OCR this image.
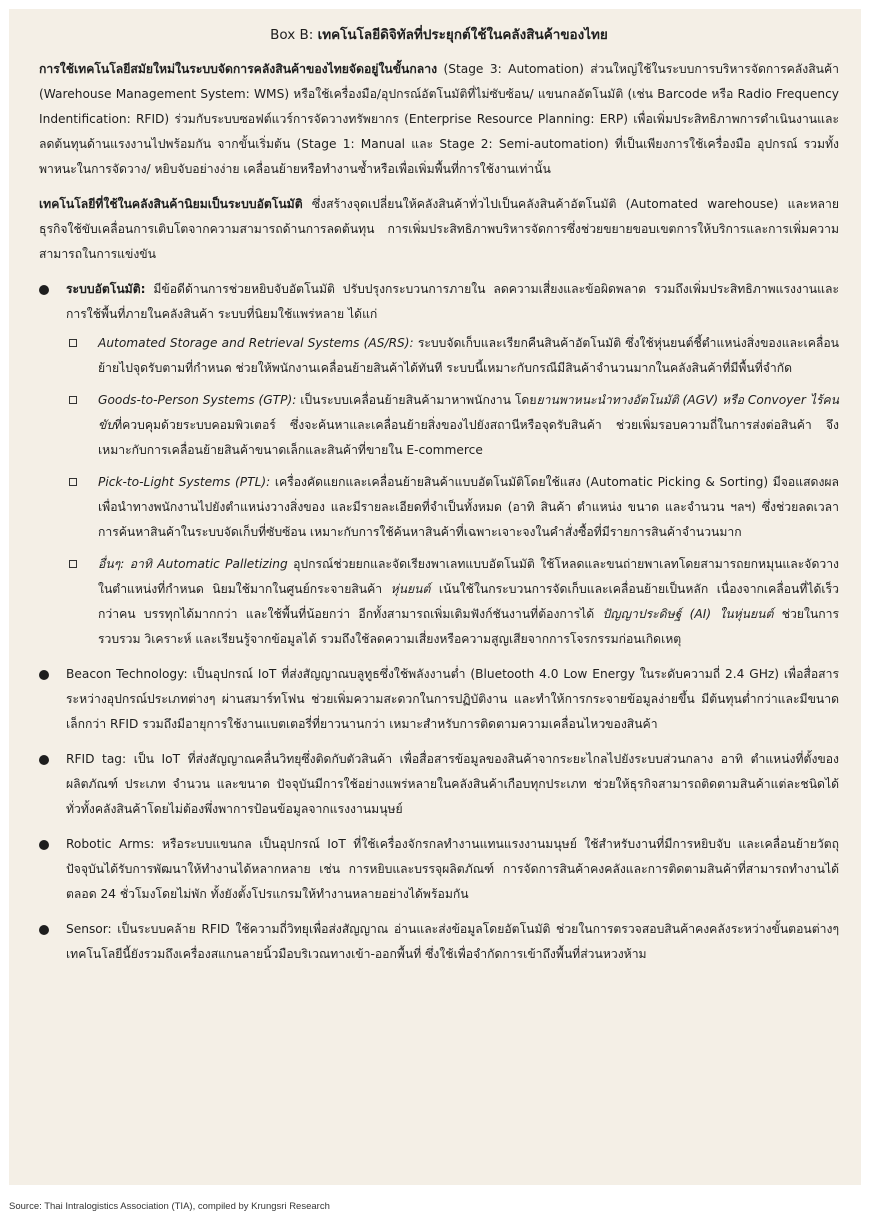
Box B: เทคโนโลยีดิจิทัลที่ประยุกต์ใช้ในคลังสินค้าของไทย

การใช้เทคโนโลยีสมัยใหม่ในระบบจัดการคลังสินค้าของไทยจัดอยู่ในขั้นกลาง (Stage 3: Automation) ส่วนใหญ่ใช้ในระบบการบริหารจัดการคลังสินค้า (Warehouse Management System: WMS) หรือใช้เครื่องมือ/อุปกรณ์อัตโนมัติที่ไม่ซับซ้อน/ แขนกลอัตโนมัติ (เช่น Barcode หรือ Radio Frequency Indentification: RFID) ร่วมกับระบบซอฟต์แวร์การจัดวางทรัพยากร (Enterprise Resource Planning: ERP) เพื่อเพิ่มประสิทธิภาพการดำเนินงานและลดต้นทุนด้านแรงงานไปพร้อมกัน จากขั้นเริ่มต้น (Stage 1: Manual และ Stage 2: Semi-automation) ที่เป็นเพียงการใช้เครื่องมือ อุปกรณ์ รวมทั้งพาหนะในการจัดวาง/ หยิบจับอย่างง่าย เคลื่อนย้ายหรือทำงานซ้ำหรือเพื่อเพิ่มพื้นที่การใช้งานเท่านั้น

เทคโนโลยีที่ใช้ในคลังสินค้านิยมเป็นระบบอัตโนมัติ ซึ่งสร้างจุดเปลี่ยนให้คลังสินค้าทั่วไปเป็นคลังสินค้าอัตโนมัติ (Automated warehouse) และหลายธุรกิจใช้ขับเคลื่อนการเติบโตจากความสามารถด้านการลดต้นทุน การเพิ่มประสิทธิภาพบริหารจัดการซึ่งช่วยขยายขอบเขตการให้บริการและการเพิ่มความสามารถในการแข่งขัน

ระบบอัตโนมัติ: มีข้อดีด้านการช่วยหยิบจับอัตโนมัติ ปรับปรุงกระบวนการภายใน ลดความเสี่ยงและข้อผิดพลาด รวมถึงเพิ่มประสิทธิภาพแรงงานและการใช้พื้นที่ภายในคลังสินค้า ระบบที่นิยมใช้แพร่หลาย ได้แก่
Automated Storage and Retrieval Systems (AS/RS): ระบบจัดเก็บและเรียกคืนสินค้าอัตโนมัติ ซึ่งใช้หุ่นยนต์ชี้ตำแหน่งสิ่งของและเคลื่อนย้ายไปจุดรับตามที่กำหนด ช่วยให้พนักงานเคลื่อนย้ายสินค้าได้ทันที ระบบนี้เหมาะกับกรณีมีสินค้าจำนวนมากในคลังสินค้าที่มีพื้นที่จำกัด
Goods-to-Person Systems (GTP): เป็นระบบเคลื่อนย้ายสินค้ามาหาพนักงาน โดยยานพาหนะนำทางอัตโนมัติ (AGV) หรือ Convoyer ไร้คนขับที่ควบคุมด้วยระบบคอมพิวเตอร์ ซึ่งจะค้นหาและเคลื่อนย้ายสิ่งของไปยังสถานีหรือจุดรับสินค้า ช่วยเพิ่มรอบความถี่ในการส่งต่อสินค้า จึงเหมาะกับการเคลื่อนย้ายสินค้าขนาดเล็กและสินค้าที่ขายใน E-commerce
Pick-to-Light Systems (PTL): เครื่องคัดแยกและเคลื่อนย้ายสินค้าแบบอัตโนมัติโดยใช้แสง (Automatic Picking & Sorting) มีจอแสดงผลเพื่อนำทางพนักงานไปยังตำแหน่งวางสิ่งของ และมีรายละเอียดที่จำเป็นทั้งหมด (อาทิ สินค้า ตำแหน่ง ขนาด และจำนวน ฯลฯ) ซึ่งช่วยลดเวลาการค้นหาสินค้าในระบบจัดเก็บที่ซับซ้อน เหมาะกับการใช้ค้นหาสินค้าที่เฉพาะเจาะจงในคำสั่งซื้อที่มีรายการสินค้าจำนวนมาก
อื่นๆ: อาทิ Automatic Palletizing อุปกรณ์ช่วยยกและจัดเรียงพาเลทแบบอัตโนมัติ ใช้โหลดและขนถ่ายพาเลทโดยสามารถยกหมุนและจัดวางในตำแหน่งที่กำหนด นิยมใช้มากในศูนย์กระจายสินค้า หุ่นยนต์ เน้นใช้ในกระบวนการจัดเก็บและเคลื่อนย้ายเป็นหลัก เนื่องจากเคลื่อนที่ได้เร็วกว่าคน บรรทุกได้มากกว่า และใช้พื้นที่น้อยกว่า อีกทั้งสามารถเพิ่มเติมฟังก์ชันงานที่ต้องการได้ ปัญญาประดิษฐ์ (AI) ในหุ่นยนต์ ช่วยในการรวบรวม วิเคราะห์ และเรียนรู้จากข้อมูลได้ รวมถึงใช้ลดความเสี่ยงหรือความสูญเสียจากการโจรกรรมก่อนเกิดเหตุ
Beacon Technology: เป็นอุปกรณ์ IoT ที่ส่งสัญญาณบลูทูธซึ่งใช้พลังงานต่ำ (Bluetooth 4.0 Low Energy ในระดับความถี่ 2.4 GHz) เพื่อสื่อสารระหว่างอุปกรณ์ประเภทต่างๆ ผ่านสมาร์ทโฟน ช่วยเพิ่มความสะดวกในการปฏิบัติงาน และทำให้การกระจายข้อมูลง่ายขึ้น มีต้นทุนต่ำกว่าและมีขนาดเล็กกว่า RFID รวมถึงมีอายุการใช้งานแบตเตอรี่ที่ยาวนานกว่า เหมาะสำหรับการติดตามความเคลื่อนไหวของสินค้า
RFID tag: เป็น IoT ที่ส่งสัญญาณคลื่นวิทยุซึ่งติดกับตัวสินค้า เพื่อสื่อสารข้อมูลของสินค้าจากระยะไกลไปยังระบบส่วนกลาง อาทิ ตำแหน่งที่ตั้งของผลิตภัณฑ์ ประเภท จำนวน และขนาด ปัจจุบันมีการใช้อย่างแพร่หลายในคลังสินค้าเกือบทุกประเภท ช่วยให้ธุรกิจสามารถติดตามสินค้าแต่ละชนิดได้ทั่วทั้งคลังสินค้าโดยไม่ต้องพึ่งพาการป้อนข้อมูลจากแรงงานมนุษย์
Robotic Arms: หรือระบบแขนกล เป็นอุปกรณ์ IoT ที่ใช้เครื่องจักรกลทำงานแทนแรงงานมนุษย์ ใช้สำหรับงานที่มีการหยิบจับ และเคลื่อนย้ายวัตถุ ปัจจุบันได้รับการพัฒนาให้ทำงานได้หลากหลาย เช่น การหยิบและบรรจุผลิตภัณฑ์ การจัดการสินค้าคงคลังและการติดตามสินค้าที่สามารถทำงานได้ตลอด 24 ชั่วโมงโดยไม่พัก ทั้งยังตั้งโปรแกรมให้ทำงานหลายอย่างได้พร้อมกัน
Sensor: เป็นระบบคล้าย RFID ใช้ความถี่วิทยุเพื่อส่งสัญญาณ อ่านและส่งข้อมูลโดยอัตโนมัติ ช่วยในการตรวจสอบสินค้าคงคลังระหว่างขั้นตอนต่างๆ เทคโนโลยีนี้ยังรวมถึงเครื่องสแกนลายนิ้วมือบริเวณทางเข้า-ออกพื้นที่ ซึ่งใช้เพื่อจำกัดการเข้าถึงพื้นที่ส่วนหวงห้าม
Source: Thai Intralogistics Association (TIA), compiled by Krungsri Research
